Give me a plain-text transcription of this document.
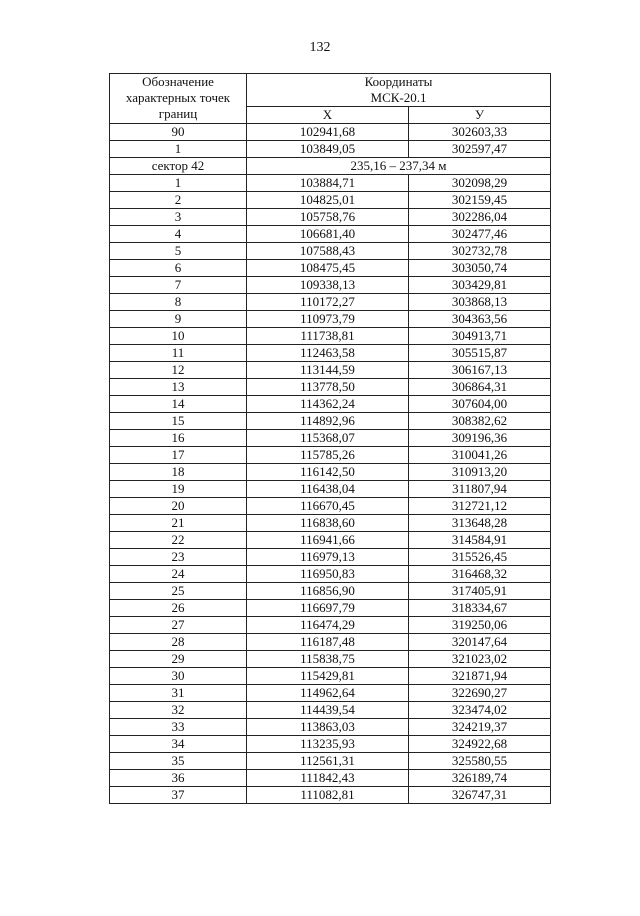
132
Обозначение
характерных точек
границ	Координаты
МСК-20.1	

	Х	У
90	102941,68	302603,33
1	103849,05	302597,47
сектор 42	235,16 – 237,34 м	
1	103884,71	302098,29
2	104825,01	302159,45
3	105758,76	302286,04
4	106681,40	302477,46
5	107588,43	302732,78
6	108475,45	303050,74
7	109338,13	303429,81
8	110172,27	303868,13
9	110973,79	304363,56
10	111738,81	304913,71
11	112463,58	305515,87
12	113144,59	306167,13
13	113778,50	306864,31
14	114362,24	307604,00
15	114892,96	308382,62
16	115368,07	309196,36
17	115785,26	310041,26
18	116142,50	310913,20
19	116438,04	311807,94
20	116670,45	312721,12
21	116838,60	313648,28
22	116941,66	314584,91
23	116979,13	315526,45
24	116950,83	316468,32
25	116856,90	317405,91
26	116697,79	318334,67
27	116474,29	319250,06
28	116187,48	320147,64
29	115838,75	321023,02
30	115429,81	321871,94
31	114962,64	322690,27
32	114439,54	323474,02
33	113863,03	324219,37
34	113235,93	324922,68
35	112561,31	325580,55
36	111842,43	326189,74
37	111082,81	326747,31
